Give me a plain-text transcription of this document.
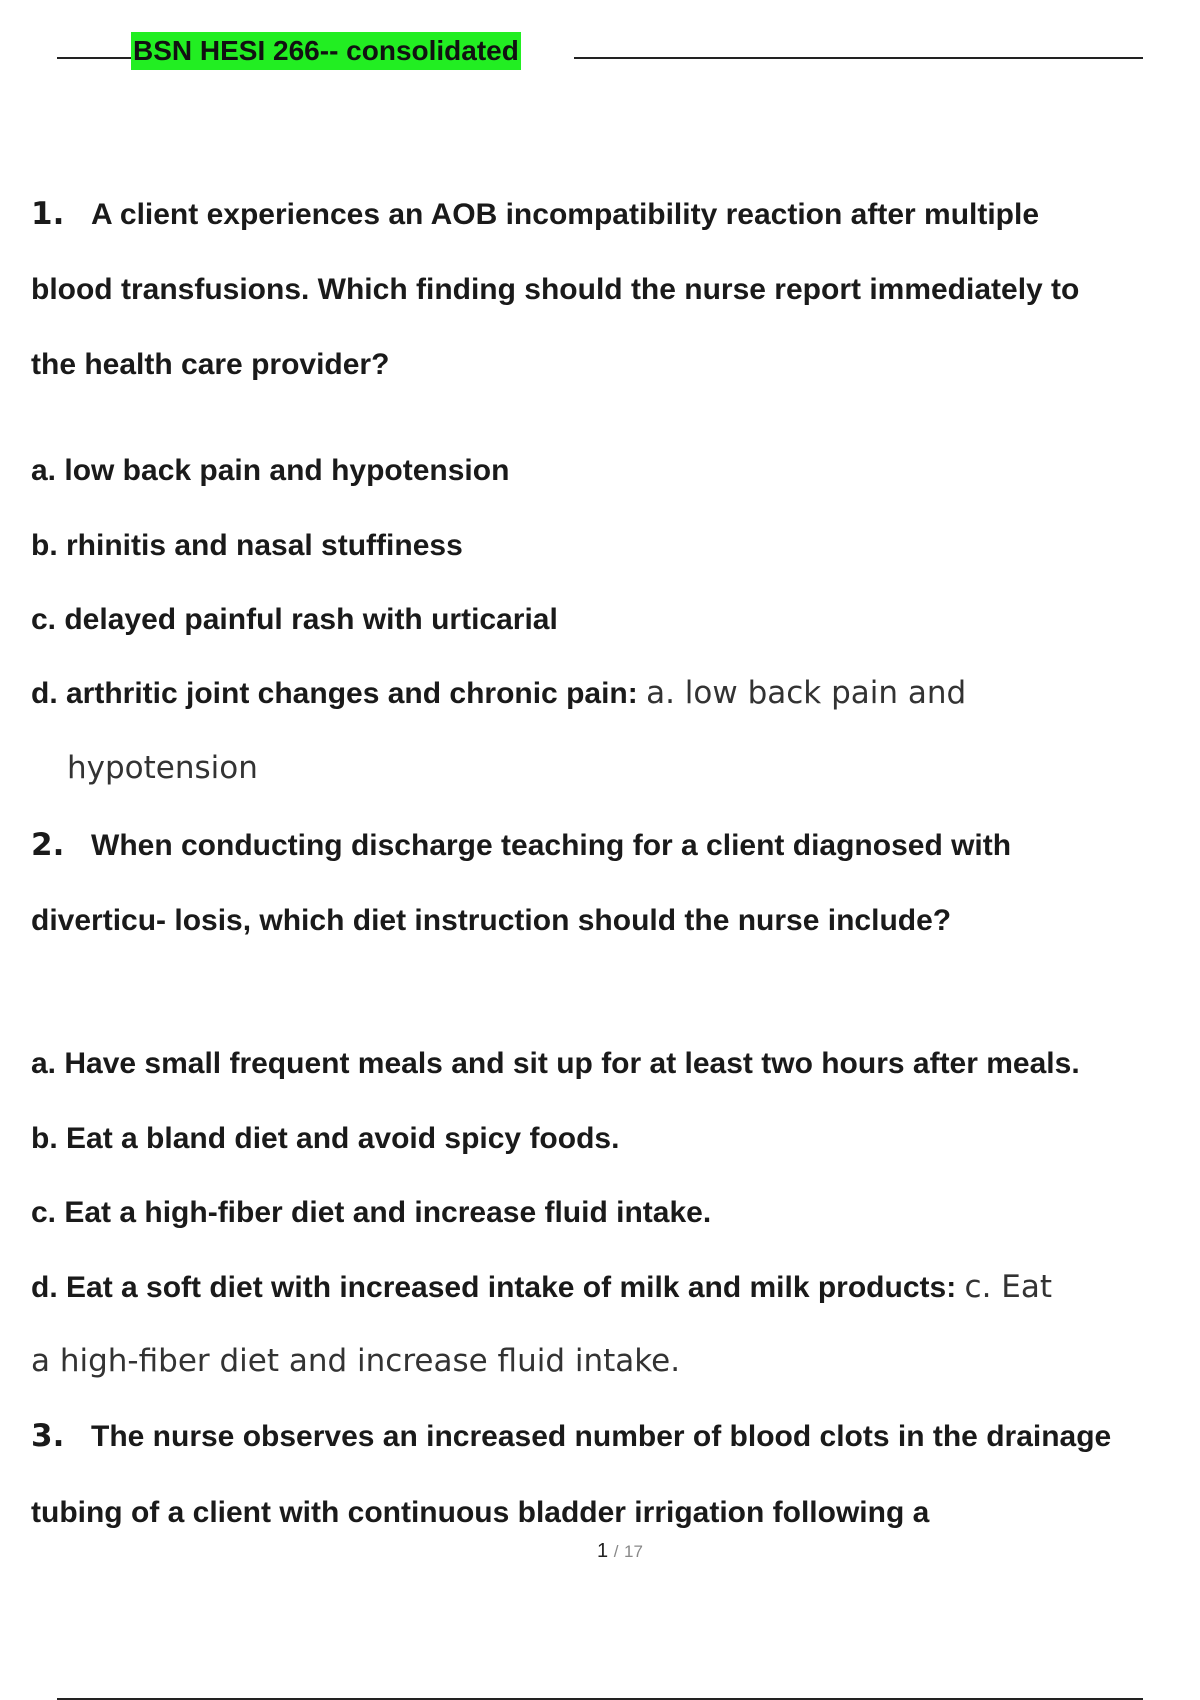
BSN HESI 266-- consolidated

1. A client experiences an AOB incompatibility reaction after multiple

blood transfusions. Which finding should the nurse report immediately to

the health care provider?

a. low back pain and hypotension

b. rhinitis and nasal stuffiness

c. delayed painful rash with urticarial

d. arthritic joint changes and chronic pain: a. low back pain and

hypotension

2. When conducting discharge teaching for a client diagnosed with

diverticu- losis, which diet instruction should the nurse include?

a. Have small frequent meals and sit up for at least two hours after meals.

b. Eat a bland diet and avoid spicy foods.

c. Eat a high-fiber diet and increase fluid intake.

d. Eat a soft diet with increased intake of milk and milk products: c. Eat

a high-fiber diet and increase fluid intake.

3. The nurse observes an increased number of blood clots in the drainage

tubing of a client with continuous bladder irrigation following a

1 / 17
